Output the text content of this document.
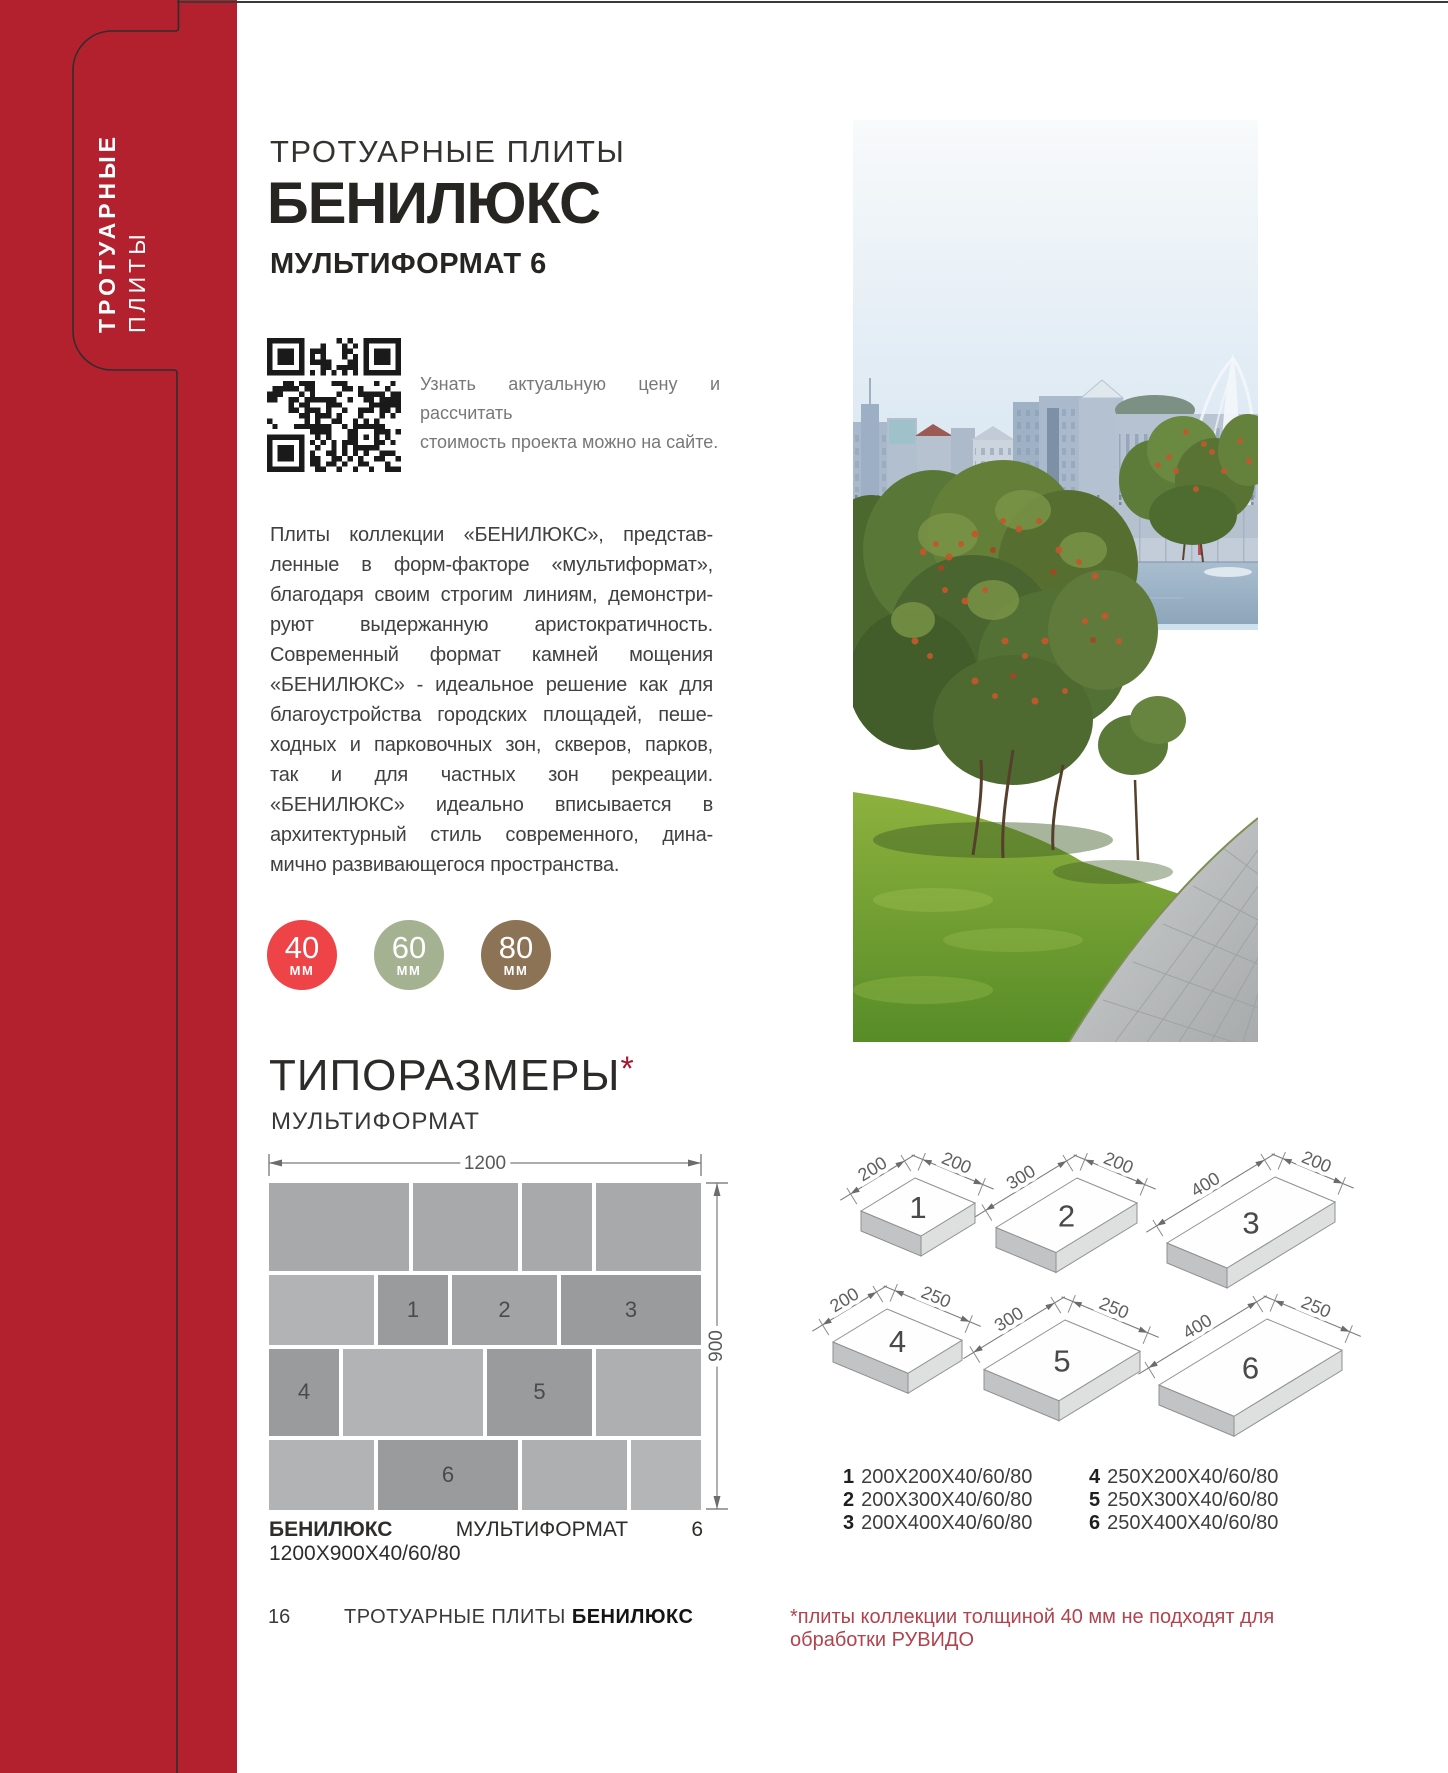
ТРОТУАРНЫЕ ПЛИТЫ
ТРОТУАРНЫЕ ПЛИТЫ
БЕНИЛЮКС
МУЛЬТИФОРМАТ 6
Узнать актуальную цену и рассчитать
стоимость проекта можно на сайте.
Плиты коллекции «БЕНИЛЮКС», представ-
ленные в форм-факторе «мультиформат»,
благодаря своим строгим линиям, демонстри-
руют выдержанную аристократичность.
Современный формат камней мощения
«БЕНИЛЮКС» - идеальное решение как для
благоустройства городских площадей, пеше-
ходных и парковочных зон, скверов, парков,
так и для частных зон рекреации.
«БЕНИЛЮКС» идеально вписывается в
архитектурный стиль современного, дина-
мично развивающегося пространства.
40
ММ
60
ММ
80
ММ
ТИПОРАЗМЕРЫ*
МУЛЬТИФОРМАТ
1200
900
1	2	3
4	5
6
БЕНИЛЮКС МУЛЬТИФОРМАТ 6 1200Х900Х40/60/80
200
200
1
200
300
2
200
400
3
250
200
4
250
300
5
250
400
6
1 200Х200Х40/60/80
2 200Х300Х40/60/80
3 200Х400Х40/60/80
4 250Х200Х40/60/80
5 250Х300Х40/60/80
6 250Х400Х40/60/80
16	ТРОТУАРНЫЕ ПЛИТЫ БЕНИЛЮКС	*плиты коллекции толщиной 40 мм не подходят для обработки РУВИДО
